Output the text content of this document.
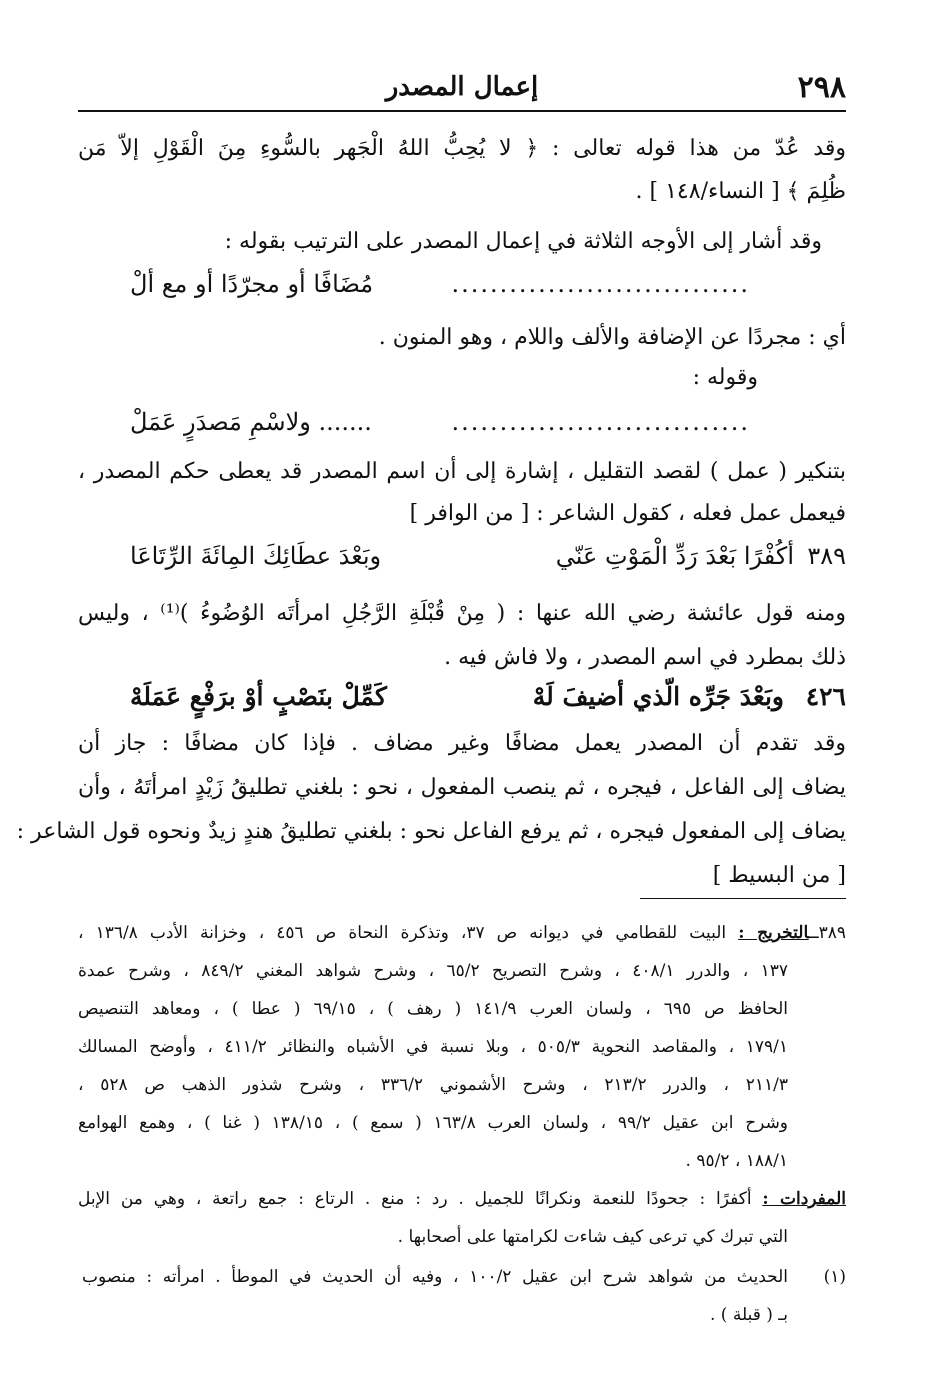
٢٩٨
إعمال المصدر
وقد عُدّ من هذا قوله تعالى : ﴿ لا يُحِبُّ اللهُ الْجَهر بالسُّوءِ مِنَ الْقَوْلِ إلاّ مَن
ظُلِمَ ﴾ [ النساء/١٤٨ ] .
وقد أشار إلى الأوجه الثلاثة في إعمال المصدر على الترتيب بقوله :
...............................
مُضَافًا أو مجرّدًا أو مع ألْ
أي : مجردًا عن الإضافة والألف واللام ، وهو المنون .
وقوله :
...............................
....... ولاسْمِ مَصدَرٍ عَمَلْ
بتنكير ( عمل ) لقصد التقليل ، إشارة إلى أن اسم المصدر قد يعطى حكم المصدر ،
فيعمل عمل فعله ، كقول الشاعر : [ من الوافر ]
٣٨٩
أكُفْرًا بَعْدَ رَدِّ الْمَوْتِ عَنّي
وبَعْدَ عطَائِكَ المِائَةَ الرِّتَاعَا
ومنه قول عائشة رضي الله عنها : ( مِنْ قُبْلَةِ الرَّجُلِ امرأتَه الوُضُوءُ )⁽¹⁾ ، وليس
ذلك بمطرد في اسم المصدر ، ولا فاش فيه .
٤٢٦
وبَعْدَ جَرِّه الّذي أضيفَ لَهْ
كَمِّلْ بنَصْبٍ أوْ برَفْعٍ عَمَلَهْ
وقد تقدم أن المصدر يعمل مضافًا وغير مضاف . فإذا كان مضافًا : جاز أن
يضاف إلى الفاعل ، فيجره ، ثم ينصب المفعول ، نحو : بلغني تطليقُ زَيْدٍ امرأتَهُ ، وأن
يضاف إلى المفعول فيجره ، ثم يرفع الفاعل نحو : بلغني تطليقُ هندٍ زيدٌ ونحوه قول الشاعر :
[ من البسيط ]
٣٨٩ــالتخريج : البيت للقطامي في ديوانه ص ٣٧، وتذكرة النحاة ص ٤٥٦ ، وخزانة الأدب ١٣٦/٨ ،
١٣٧ ، والدرر ٤٠٨/١ ، وشرح التصريح ٦٥/٢ ، وشرح شواهد المغني ٨٤٩/٢ ، وشرح عمدة
الحافظ ص ٦٩٥ ، ولسان العرب ١٤١/٩ ( رهف ) ، ٦٩/١٥ ( عطا ) ، ومعاهد التنصيص
١٧٩/١ ، والمقاصد النحوية ٥٠٥/٣ ، وبلا نسبة في الأشباه والنظائر ٤١١/٢ ، وأوضح المسالك
٢١١/٣ ، والدرر ٢١٣/٢ ، وشرح الأشموني ٣٣٦/٢ ، وشرح شذور الذهب ص ٥٢٨ ،
وشرح ابن عقيل ٩٩/٢ ، ولسان العرب ١٦٣/٨ ( سمع ) ، ١٣٨/١٥ ( غنا ) ، وهمع الهوامع
١٨٨/١ ، ٩٥/٢ .
المفردات : أكفرًا : جحودًا للنعمة ونكرانًا للجميل . رد : منع . الرتاع : جمع راتعة ، وهي من الإبل
التي تبرك كي ترعى كيف شاءت لكرامتها على أصحابها .
(١)الحديث من شواهد شرح ابن عقيل ١٠٠/٢ ، وفيه أن الحديث في الموطأ . امرأته : منصوب
بـ ( قبلة ) .
